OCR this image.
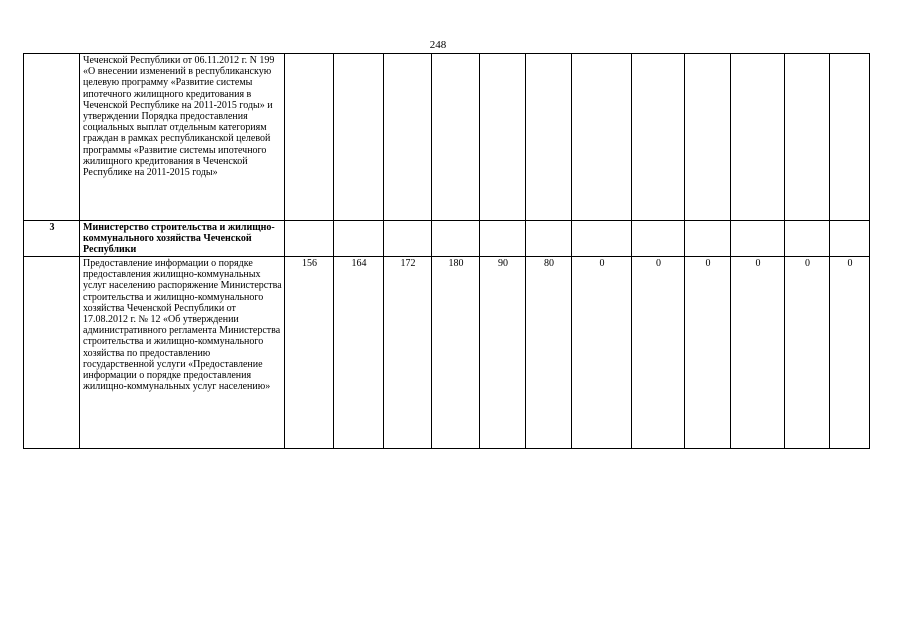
248
	Чеченской Республики от 06.11.2012 г. N 199 «О внесении изменений в республиканскую целевую программу «Развитие системы ипотечного жилищного кредитования в Чеченской Республике на 2011-2015 годы» и утверждении Порядка предоставления социальных выплат отдельным категориям граждан в рамках республиканской целевой программы «Развитие системы ипотечного жилищного кредитования в Чеченской Республике на 2011-2015 годы»												
3	Министерство строительства и жилищно-коммунального хозяйства Чеченской Республики												
	Предоставление информации о порядке предоставления жилищно-коммунальных услуг населению распоряжение Министерства строительства и жилищно-коммунального хозяйства Чеченской Республики от 17.08.2012 г. № 12 «Об утверждении административного регламента Министерства строительства и жилищно-коммунального хозяйства по предоставлению государственной услуги «Предоставление информации о порядке предоставления жилищно-коммунальных услуг населению»	156	164	172	180	90	80	0	0	0	0	0	0
